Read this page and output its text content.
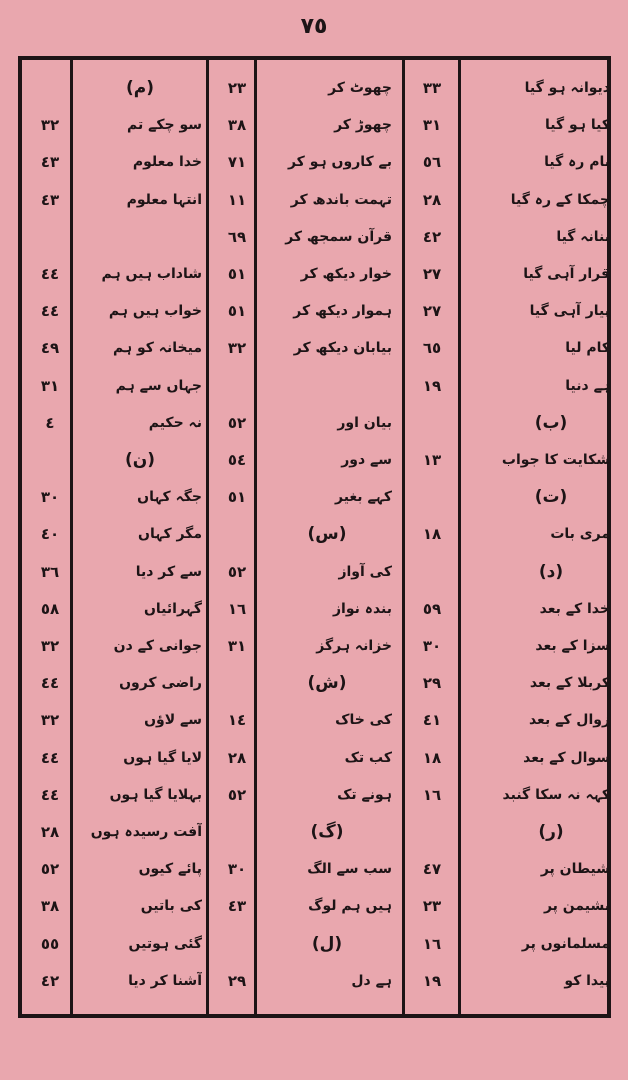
٧٥
دیوانہ ہو گیا
٣٣
چھوٹ کر
٢٣
(م)
کیا ہو گیا
٣١
چھوڑ کر
٣٨
سو چکے تم
٣٢
بام رہ گیا
٥٦
بے کاروں ہو کر
٧١
خدا معلوم
٤٣
چمکا کے رہ گیا
٢٨
تہمت باندھ کر
١١
انتہا معلوم
٤٣
بنانہ گیا
٤٢
قرآن سمجھ کر
٦٩
قرار آہی گیا
٢٧
خوار دیکھ کر
٥١
شاداب ہیں ہم
٤٤
پیار آہی گیا
٢٧
ہموار دیکھ کر
٥١
خواب ہیں ہم
٤٤
کام لیا
٦٥
بیابان دیکھ کر
٣٢
میخانہ کو ہم
٤٩
ہے دنیا
١٩
جہاں سے ہم
٣١
(ب)
بیان اور
٥٢
نہ حکیم
٤
شکایت کا جواب
١٣
سے دور
٥٤
(ن)
(ت)
کہے بغیر
٥١
جگہ کہاں
٣٠
مری بات
١٨
(س)
مگر کہاں
٤٠
(د)
کی آواز
٥٢
سے کر دیا
٣٦
خدا کے بعد
٥٩
بندہ نواز
١٦
گہرائیاں
٥٨
سزا کے بعد
٣٠
خزانہ ہرگز
٣١
جوانی کے دن
٣٢
کربلا کے بعد
٢٩
(ش)
راضی کروں
٤٤
زوال کے بعد
٤١
کی خاک
١٤
سے لاؤں
٣٢
سوال کے بعد
١٨
کب تک
٢٨
لایا گیا ہوں
٤٤
کہہ نہ سکا گنبد
١٦
ہونے تک
٥٢
بہلایا گیا ہوں
٤٤
(ر)
(گ)
آفت رسیدہ ہوں
٢٨
شیطان پر
٤٧
سب سے الگ
٣٠
پائے کیوں
٥٢
نشیمن پر
٢٣
ہیں ہم لوگ
٤٣
کی باتیں
٣٨
مسلمانوں پر
١٦
(ل)
گئی ہوتیں
٥٥
پیدا کو
١٩
ہے دل
٢٩
آشنا کر دیا
٤٢
